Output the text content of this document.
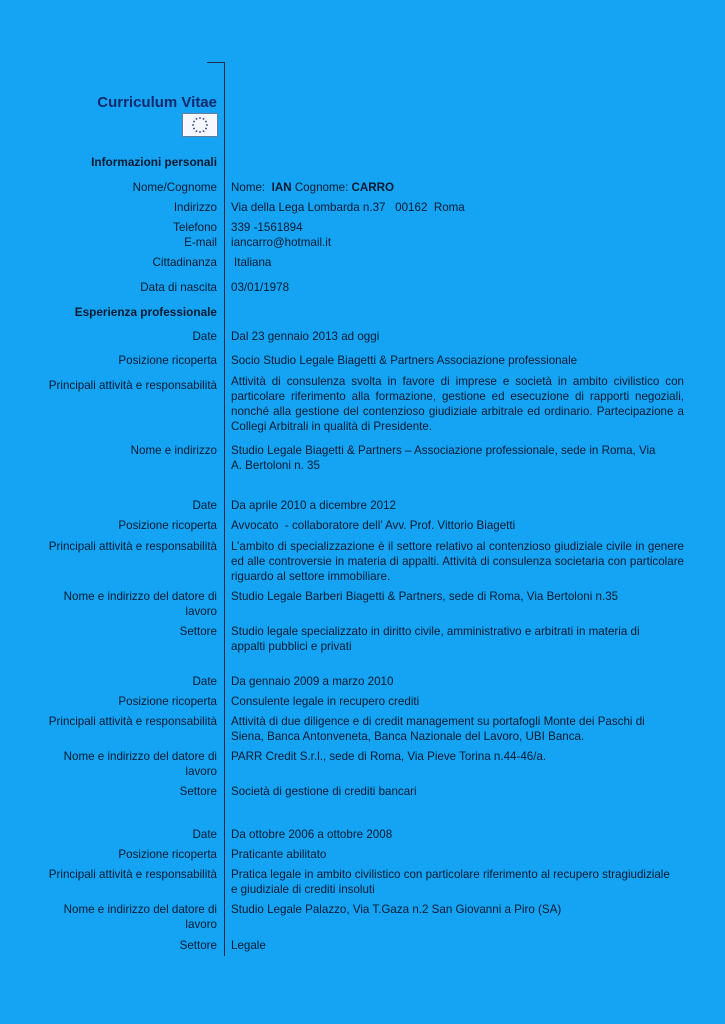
Curriculum Vitae
Informazioni personali
Nome/Cognome Nome: IAN Cognome: CARRO
Indirizzo Via della Lega Lombarda n.37   00162  Roma
Telefono 339 -1561894
E-mail iancarro@hotmail.it
Cittadinanza Italiana
Data di nascita 03/01/1978
Esperienza professionale
Date Dal 23 gennaio 2013 ad oggi
Posizione ricoperta Socio Studio Legale Biagetti & Partners Associazione professionale
Principali attività e responsabilità Attività di consulenza svolta in favore di imprese e società in ambito civilistico con particolare riferimento alla formazione, gestione ed esecuzione di rapporti negoziali, nonché alla gestione del contenzioso giudiziale arbitrale ed ordinario. Partecipazione a Collegi Arbitrali in qualità di Presidente.
Nome e indirizzo Studio Legale Biagetti & Partners – Associazione professionale, sede in Roma, Via A. Bertoloni n. 35
Date Da aprile 2010 a dicembre 2012
Posizione ricoperta Avvocato  - collaboratore dell’ Avv. Prof. Vittorio Biagetti
Principali attività e responsabilità L’ambito di specializzazione è il settore relativo al contenzioso giudiziale civile in genere ed alle controversie in materia di appalti. Attività di consulenza societaria con particolare riguardo al settore immobiliare.
Nome e indirizzo del datore di lavoro
Studio Legale Barberi Biagetti & Partners, sede di Roma, Via Bertoloni n.35
Settore Studio legale specializzato in diritto civile, amministrativo e arbitrati in materia di appalti pubblici e privati
Date Da gennaio 2009 a marzo 2010
Posizione ricoperta Consulente legale in recupero crediti
Principali attività e responsabilità Attività di due diligence e di credit management su portafogli Monte dei Paschi di Siena, Banca Antonveneta, Banca Nazionale del Lavoro, UBI Banca.
Nome e indirizzo del datore di lavoro
PARR Credit S.r.l., sede di Roma, Via Pieve Torina n.44-46/a.
Settore Società di gestione di crediti bancari
Date Da ottobre 2006 a ottobre 2008
Posizione ricoperta Praticante abilitato
Principali attività e responsabilità Pratica legale in ambito civilistico con particolare riferimento al recupero stragiudiziale e giudiziale di crediti insoluti
Nome e indirizzo del datore di lavoro
Studio Legale Palazzo, Via T.Gaza n.2 San Giovanni a Piro (SA)
Settore Legale
